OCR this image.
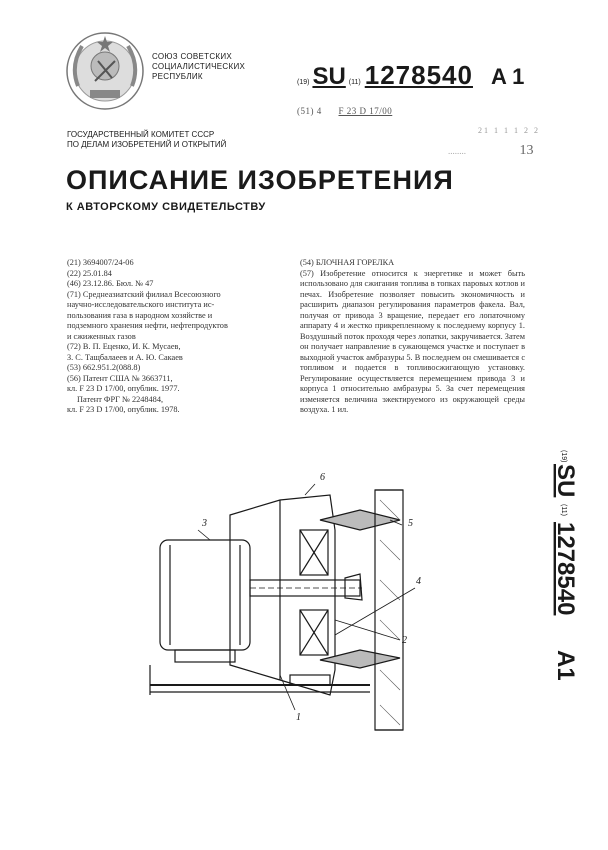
СОЮЗ СОВЕТСКИХ
СОЦИАЛИСТИЧЕСКИХ
РЕСПУБЛИК
(19) SU (11) 1278540 A 1
(51) 4 F 23 D 17/00
21 1 1 1 2 2
........	13
ГОСУДАРСТВЕННЫЙ КОМИТЕТ СССР
ПО ДЕЛАМ ИЗОБРЕТЕНИЙ И ОТКРЫТИЙ
ОПИСАНИЕ ИЗОБРЕТЕНИЯ
К АВТОРСКОМУ СВИДЕТЕЛЬСТВУ
(21) 3694007/24-06
(22) 25.01.84
(46) 23.12.86. Бюл. № 47
(71) Среднеазиатский филиал Всесоюзного
научно-исследовательского института ис-
пользования газа в народном хозяйстве и
подземного хранения нефти, нефтепродуктов
и сжиженных газов
(72) В. П. Еценко, И. К. Мусаев,
З. С. Тащбалаеев и А. Ю. Сакаев
(53) 662.951.2(088.8)
(56) Патент США № 3663711,
кл. F 23 D 17/00, опублик. 1977.
Патент ФРГ № 2248484,
кл. F 23 D 17/00, опублик. 1978.
(54) БЛОЧНАЯ ГОРЕЛКА

(57) Изобретение относится к энергетике и может быть использовано для сжигания топлива в топках паровых котлов и печах. Изобретение позволяет повысить экономичность и расширить диапазон регулирования параметров факела. Вал, получая от привода 3 вращение, передает его лопаточному аппарату 4 и жестко прикрепленному к последнему корпусу 1. Воздушный поток проходя через лопатки, закручивается. Затем он получает направление в сужающемся участке и поступает в выходной участок амбразуры 5. В последнем он смешивается с топливом и подается в топливосжигающую установку. Регулирование осуществляется перемещением привода 3 и корпуса 1 относительно амбразуры 5. За счет перемещения изменяется величина эжектируемого из окружающей среды воздуха. 1 ил.

(19)
SU
(11)
1278540
A1
6
3	5
4
2
1
